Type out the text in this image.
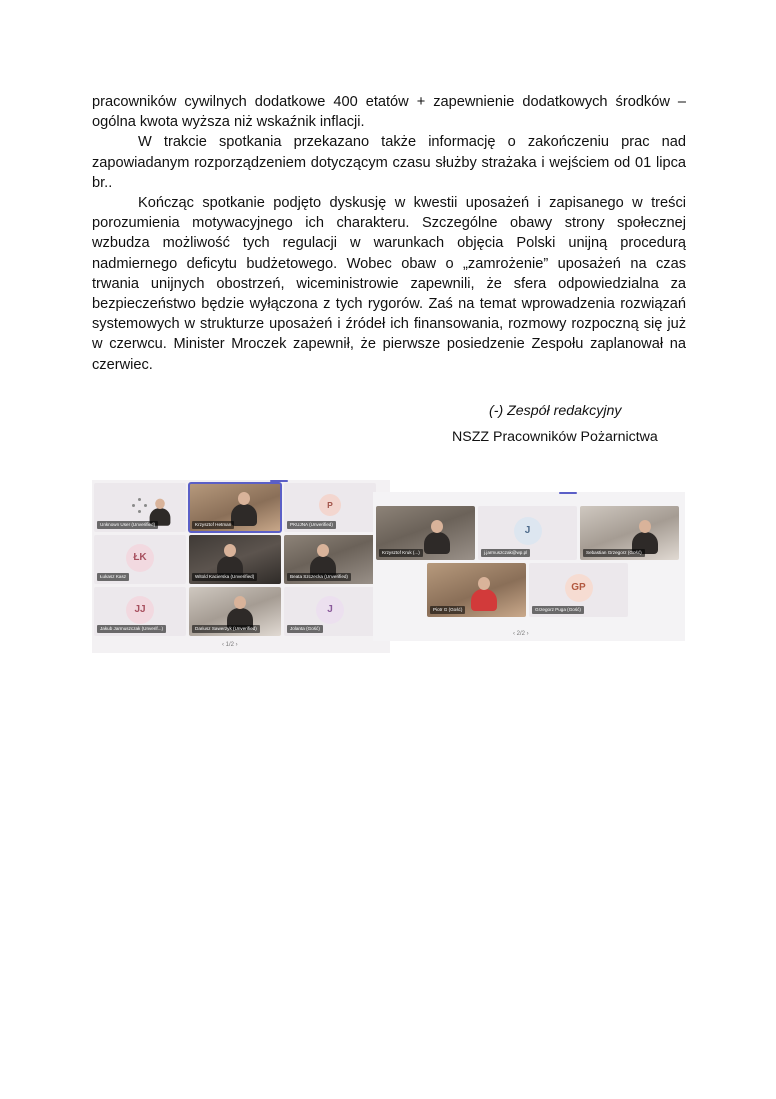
pracowników cywilnych dodatkowe 400 etatów + zapewnienie dodatkowych środków – ogólna kwota wyższa niż wskaźnik inflacji.

W trakcie spotkania przekazano także informację o zakończeniu prac nad zapowiadanym rozporządzeniem dotyczącym czasu służby strażaka i wejściem od 01 lipca br..

Kończąc spotkanie podjęto dyskusję w kwestii uposażeń i zapisanego w treści porozumienia motywacyjnego ich charakteru. Szczególne obawy strony społecznej wzbudza możliwość tych regulacji w warunkach objęcia Polski unijną procedurą nadmiernego deficytu budżetowego. Wobec obaw o „zamrożenie” uposażeń na czas trwania unijnych obostrzeń, wiceministrowie zapewnili, że sfera odpowiedzialna za bezpieczeństwo będzie wyłączona z tych rygorów. Zaś na temat wprowadzenia rozwiązań systemowych w strukturze uposażeń i źródeł ich finansowania, rozmowy rozpoczną się już w czerwcu. Minister Mroczek zapewnił, że pierwsze posiedzenie Zespołu zaplanował na czerwiec.

(-) Zespół redakcyjny
NSZZ Pracowników Pożarnictwa
Unknown User (Unverified)	Krzysztof Hetman
P
PKUJNA (Unverified)
ŁK
Łukasz Kasz	Witold Kacierska (Unverified)	Beata Szczecka (Unverified)
JJ
Jakub Jarmuszczak (Unverif...)	Dariusz Sawerzyk (Unverified)
J
Jolanta (Gość)
‹ 1/2 ›
Krzysztof Kruk (...)
J
j.jarmuszczak@wp.pl	Sebastian Grzegorz (Gość)
Piotr G (Gość)
GP
Grzegorz Puga (Gość)
‹ 2/2 ›
